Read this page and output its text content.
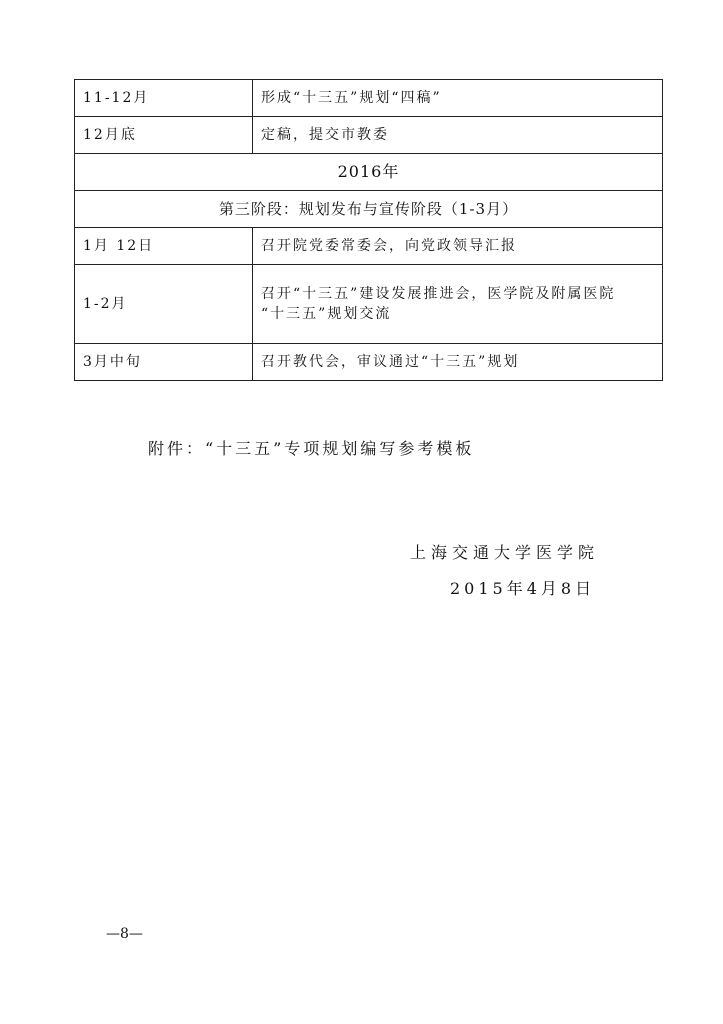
11-12月	形成“十三五”规划“四稿”
12月底	定稿，提交市教委
2016年	
第三阶段：规划发布与宣传阶段（1-3月）	
1月 12日	召开院党委常委会，向党政领导汇报
1-2月	召开“十三五”建设发展推进会，医学院及附属医院
“十三五”规划交流

3月中旬	召开教代会，审议通过“十三五”规划
附件：“十三五”专项规划编写参考模板
上海交通大学医学院
2015年4月8日
—8—
